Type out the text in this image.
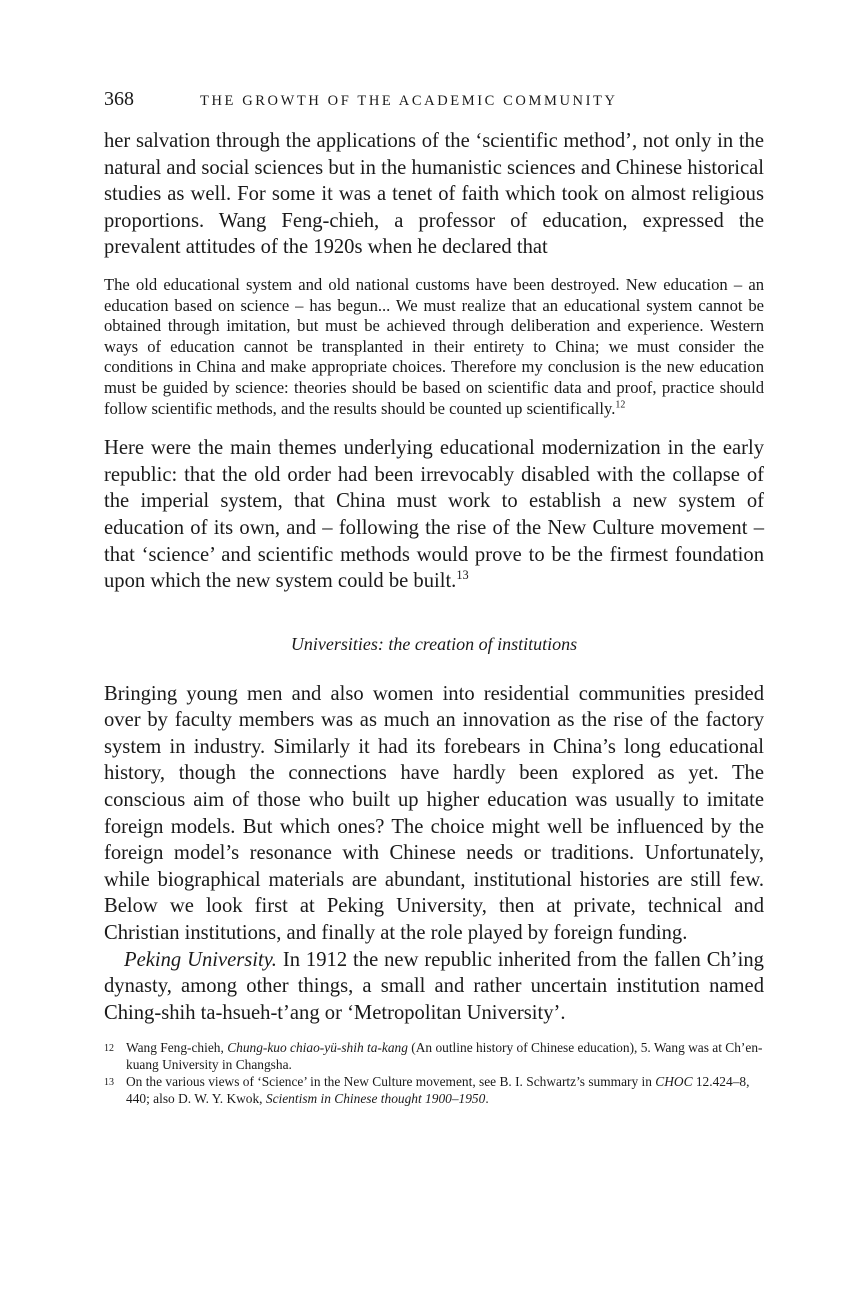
368	THE GROWTH OF THE ACADEMIC COMMUNITY

her salvation through the applications of the ‘scientific method’, not only in the natural and social sciences but in the humanistic sciences and Chinese historical studies as well. For some it was a tenet of faith which took on almost religious proportions. Wang Feng-chieh, a professor of education, expressed the prevalent attitudes of the 1920s when he declared that

The old educational system and old national customs have been destroyed. New education – an education based on science – has begun... We must realize that an educational system cannot be obtained through imitation, but must be achieved through deliberation and experience. Western ways of education cannot be transplanted in their entirety to China; we must consider the conditions in China and make appropriate choices. Therefore my conclusion is the new education must be guided by science: theories should be based on scientific data and proof, practice should follow scientific methods, and the results should be counted up scientifically.$^{12}$

Here were the main themes underlying educational modernization in the early republic: that the old order had been irrevocably disabled with the collapse of the imperial system, that China must work to establish a new system of education of its own, and – following the rise of the New Culture movement – that ‘science’ and scientific methods would prove to be the firmest foundation upon which the new system could be built.$^{13}$

Universities: the creation of institutions

Bringing young men and also women into residential communities presided over by faculty members was as much an innovation as the rise of the factory system in industry. Similarly it had its forebears in China’s long educational history, though the connections have hardly been explored as yet. The conscious aim of those who built up higher education was usually to imitate foreign models. But which ones? The choice might well be influenced by the foreign model’s resonance with Chinese needs or traditions. Unfortunately, while biographical materials are abundant, institutional histories are still few. Below we look first at Peking University, then at private, technical and Christian institutions, and finally at the role played by foreign funding.

Peking University. In 1912 the new republic inherited from the fallen Ch’ing dynasty, among other things, a small and rather uncertain institution named Ching-shih ta-hsueh-t’ang or ‘Metropolitan University’.

12 Wang Feng-chieh, Chung-kuo chiao-yü-shih ta-kang (An outline history of Chinese education), 5. Wang was at Ch’en-kuang University in Changsha.
13 On the various views of ‘Science’ in the New Culture movement, see B. I. Schwartz’s summary in CHOC 12.424–8, 440; also D. W. Y. Kwok, Scientism in Chinese thought 1900–1950.
